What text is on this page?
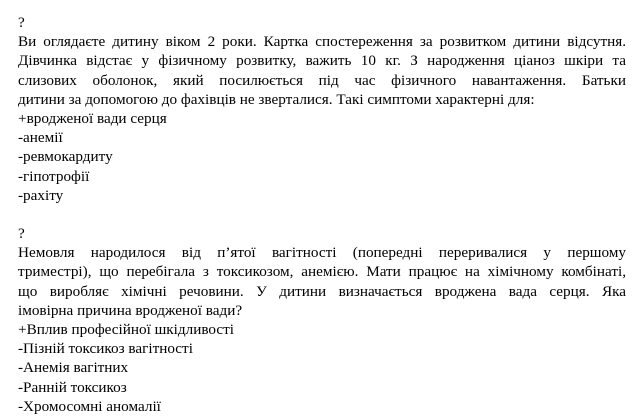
?
Ви оглядаєте дитину віком 2 роки. Картка спостереження за розвитком дитини відсутня.
Дівчинка відстає у фізичному розвитку, важить 10 кг. З народження ціаноз шкіри та
слизових оболонок, який посилюється під час фізичного навантаження. Батьки
дитини за допомогою до фахівців не зверталися. Такі симптоми характерні для:
+вродженої вади серця
-анемії
-ревмокардиту
-гіпотрофії
-рахіту
?
Немовля народилося від п’ятої вагітності (попередні переривалися у першому
триместрі), що перебігала з токсикозом, анемією. Мати працює на хімічному комбінаті,
що виробляє хімічні речовини. У дитини визначається вроджена вада серця. Яка
імовірна причина вродженої вади?
+Вплив професійної шкідливості
-Пізній токсикоз вагітності
-Анемія вагітних
-Ранній токсикоз
-Хромосомні аномалії
